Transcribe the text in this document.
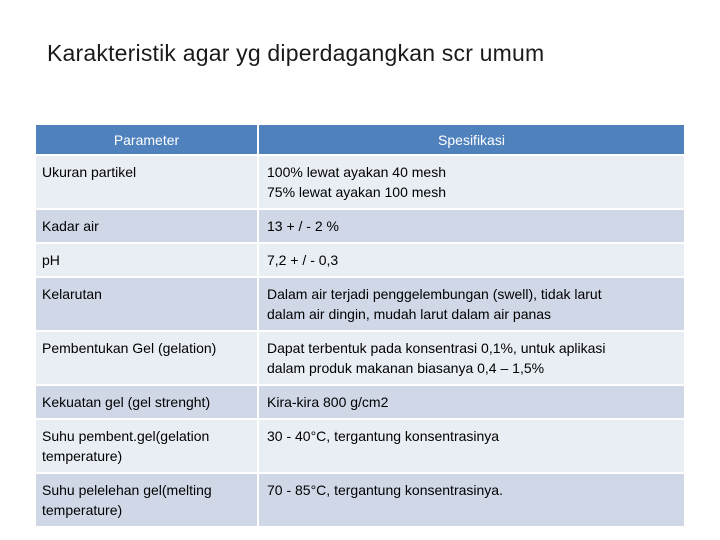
Karakteristik agar yg diperdagangkan scr umum
Parameter	Spesifikasi

Ukuran partikel	100% lewat ayakan 40 mesh
75% lewat ayakan 100 mesh

Kadar air	13 + / - 2 %

pH	7,2 + / - 0,3

Kelarutan	Dalam air terjadi penggelembungan (swell), tidak larut
dalam air dingin, mudah larut dalam air panas

Pembentukan Gel (gelation)	Dapat terbentuk pada konsentrasi 0,1%, untuk aplikasi
dalam produk makanan biasanya 0,4 – 1,5%

Kekuatan gel (gel strenght)	Kira-kira 800 g/cm2

Suhu pembent.gel(gelation
temperature)	30 - 40°C, tergantung konsentrasinya

Suhu pelelehan gel(melting
temperature)	70 - 85°C, tergantung konsentrasinya.
